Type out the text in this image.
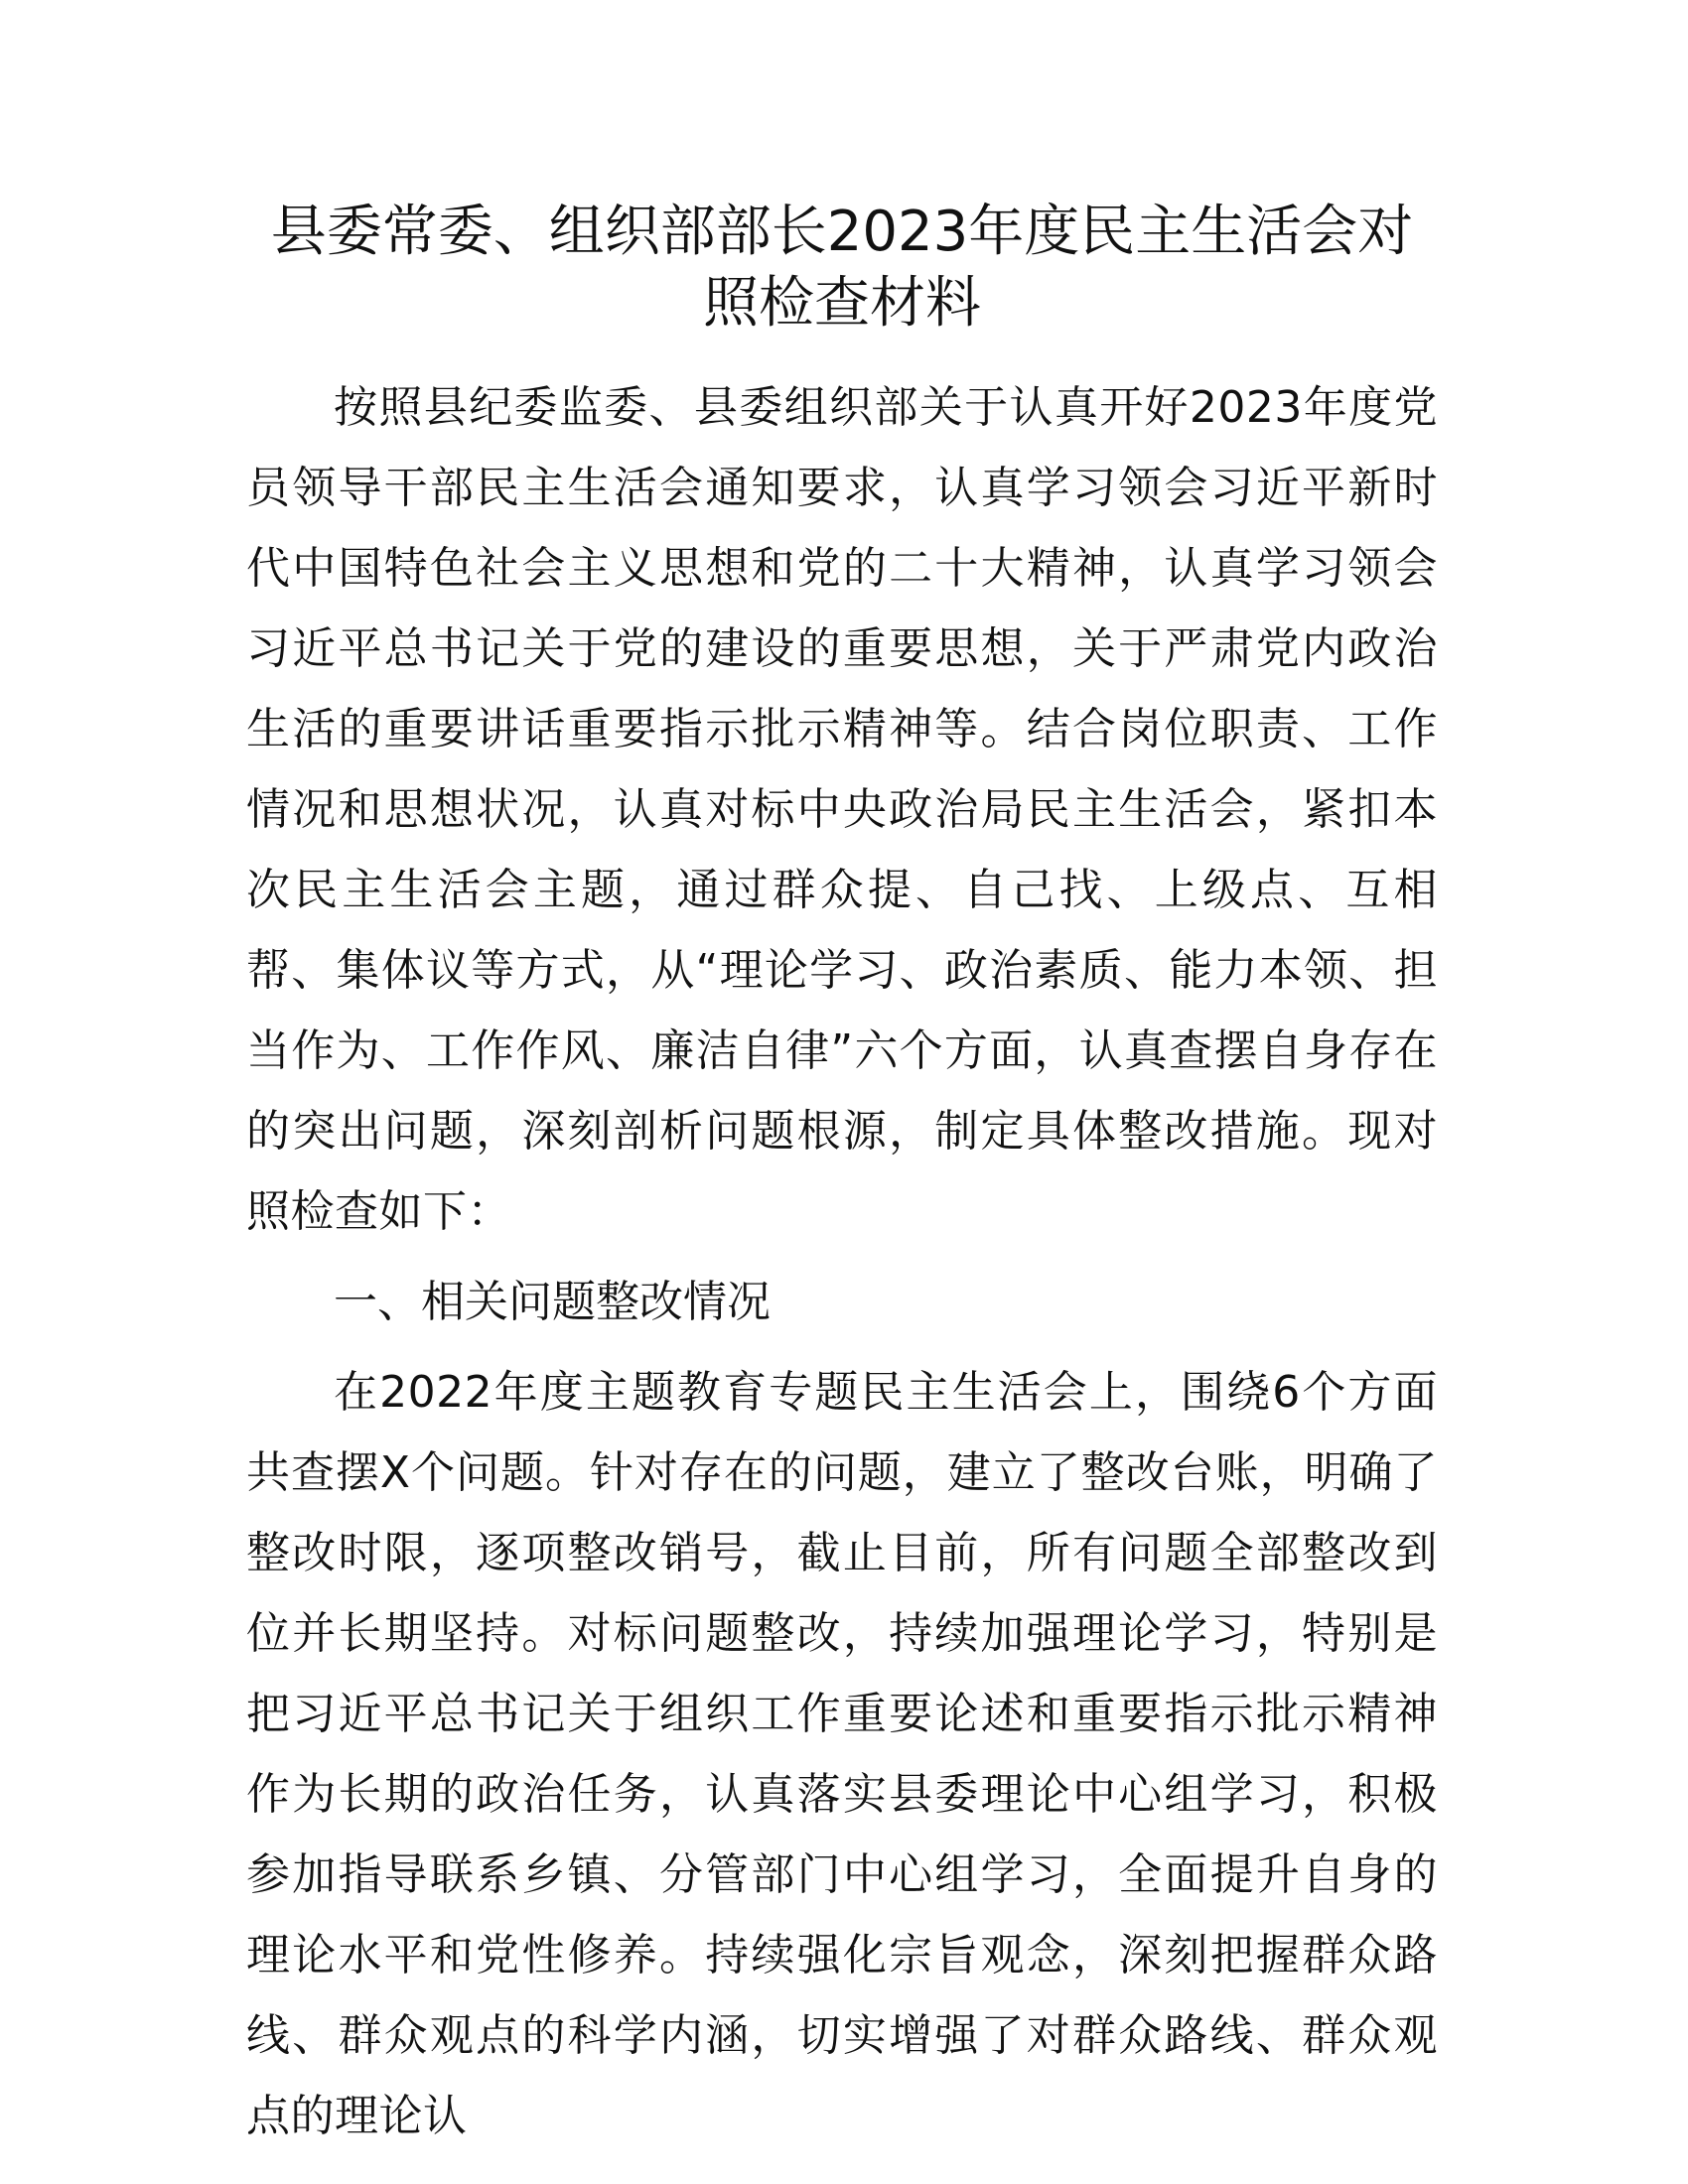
县委常委、组织部部长2023年度民主生活会对照检查材料

按照县纪委监委、县委组织部关于认真开好2023年度党员领导干部民主生活会通知要求，认真学习领会习近平新时代中国特色社会主义思想和党的二十大精神，认真学习领会习近平总书记关于党的建设的重要思想，关于严肃党内政治生活的重要讲话重要指示批示精神等。结合岗位职责、工作情况和思想状况，认真对标中央政治局民主生活会，紧扣本次民主生活会主题，通过群众提、自己找、上级点、互相帮、集体议等方式，从“理论学习、政治素质、能力本领、担当作为、工作作风、廉洁自律”六个方面，认真查摆自身存在的突出问题，深刻剖析问题根源，制定具体整改措施。现对照检查如下：

一、相关问题整改情况

在2022年度主题教育专题民主生活会上，围绕6个方面共查摆X个问题。针对存在的问题，建立了整改台账，明确了整改时限，逐项整改销号，截止目前，所有问题全部整改到位并长期坚持。对标问题整改，持续加强理论学习，特别是把习近平总书记关于组织工作重要论述和重要指示批示精神作为长期的政治任务，认真落实县委理论中心组学习，积极参加指导联系乡镇、分管部门中心组学习，全面提升自身的理论水平和党性修养。持续强化宗旨观念，深刻把握群众路线、群众观点的科学内涵，切实增强了对群众路线、群众观点的理论认
